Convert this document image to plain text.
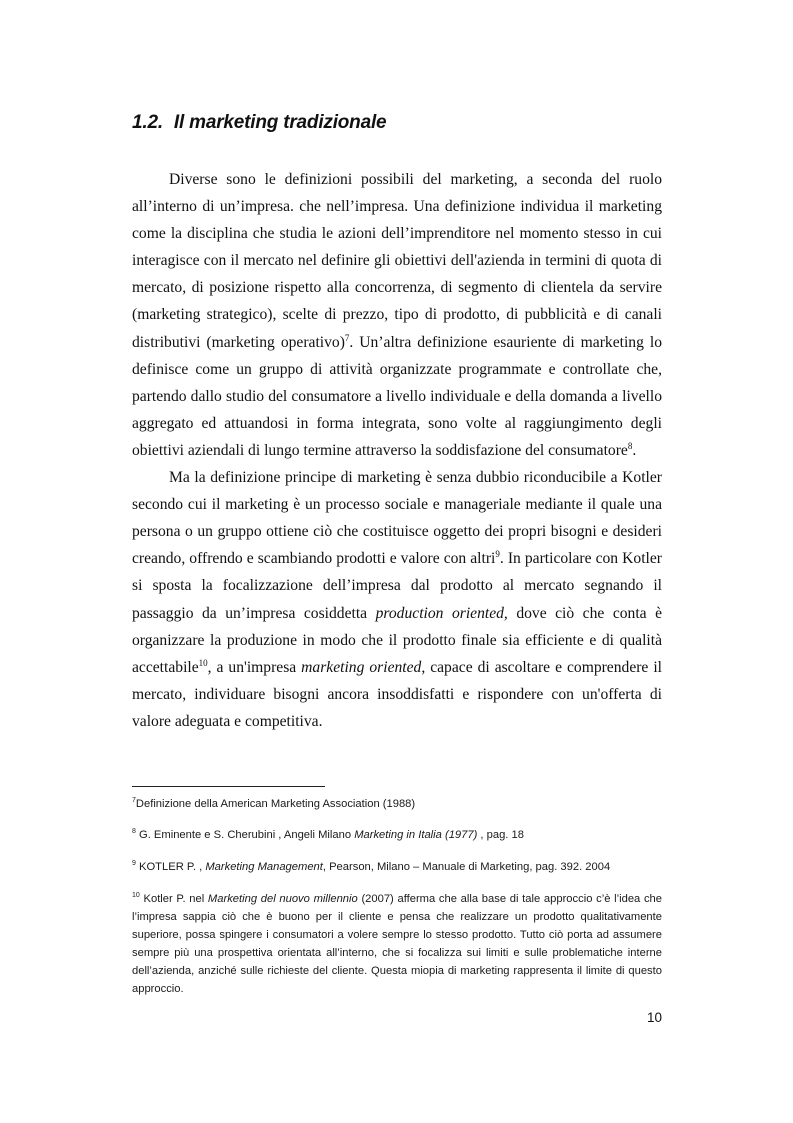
1.2. Il marketing tradizionale

Diverse sono le definizioni possibili del marketing, a seconda del ruolo all’interno di un’impresa. che nell’impresa. Una definizione individua il marketing come la disciplina che studia le azioni dell’imprenditore nel momento stesso in cui interagisce con il mercato nel definire gli obiettivi dell'azienda in termini di quota di mercato, di posizione rispetto alla concorrenza, di segmento di clientela da servire (marketing strategico), scelte di prezzo, tipo di prodotto, di pubblicità e di canali distributivi (marketing operativo)$^7$. Un’altra definizione esauriente di marketing lo definisce come un gruppo di attività organizzate programmate e controllate che, partendo dallo studio del consumatore a livello individuale e della domanda a livello aggregato ed attuandosi in forma integrata, sono volte al raggiungimento degli obiettivi aziendali di lungo termine attraverso la soddisfazione del consumatore$^8$.

Ma la definizione principe di marketing è senza dubbio riconducibile a Kotler secondo cui il marketing è un processo sociale e manageriale mediante il quale una persona o un gruppo ottiene ciò che costituisce oggetto dei propri bisogni e desideri creando, offrendo e scambiando prodotti e valore con altri$^9$. In particolare con Kotler si sposta la focalizzazione dell’impresa dal prodotto al mercato segnando il passaggio da un’impresa cosiddetta production oriented, dove ciò che conta è organizzare la produzione in modo che il prodotto finale sia efficiente e di qualità accettabile$^{10}$, a un'impresa marketing oriented, capace di ascoltare e comprendere il mercato, individuare bisogni ancora insoddisfatti e rispondere con un'offerta di valore adeguata e competitiva.

$^7$Definizione della American Marketing Association (1988)

$^8$ G. Eminente e S. Cherubini , Angeli Milano Marketing in Italia (1977) , pag. 18

$^9$ KOTLER P. , Marketing Management, Pearson, Milano – Manuale di Marketing, pag. 392. 2004

$^{10}$ Kotler P. nel Marketing del nuovo millennio (2007) afferma che alla base di tale approccio c’è l’idea che l’impresa sappia ciò che è buono per il cliente e pensa che realizzare un prodotto qualitativamente superiore, possa spingere i consumatori a volere sempre lo stesso prodotto. Tutto ciò porta ad assumere sempre più una prospettiva orientata all’interno, che si focalizza sui limiti e sulle problematiche interne dell’azienda, anziché sulle richieste del cliente. Questa miopia di marketing rappresenta il limite di questo approccio.

10
